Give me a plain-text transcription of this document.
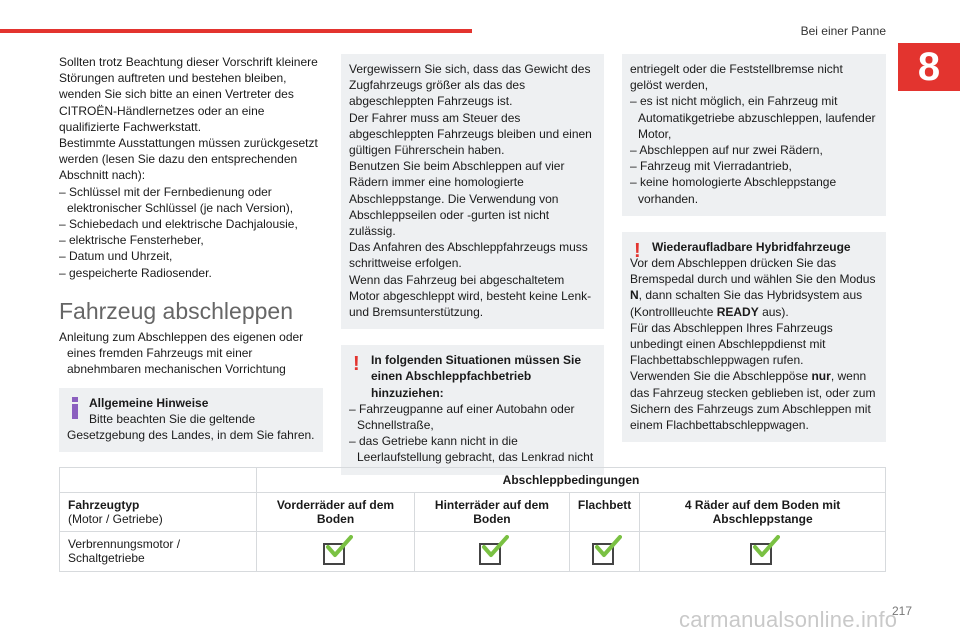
Bei einer Panne
8

Sollten trotz Beachtung dieser Vorschrift kleinere Störungen auftreten und bestehen bleiben, wenden Sie sich bitte an einen Vertreter des CITROËN-Händlernetzes oder an eine qualifizierte Fachwerkstatt.

Bestimmte Ausstattungen müssen zurückgesetzt werden (lesen Sie dazu den entsprechenden Abschnitt nach):

– Schlüssel mit der Fernbedienung oder elektronischer Schlüssel (je nach Version),

– Schiebedach und elektrische Dachjalousie,

– elektrische Fensterheber,

– Datum und Uhrzeit,

– gespeicherte Radiosender.

Fahrzeug abschleppen

Anleitung zum Abschleppen des eigenen oder eines fremden Fahrzeugs mit einer abnehmbaren mechanischen Vorrichtung

Allgemeine Hinweise
Bitte beachten Sie die geltende Gesetzgebung des Landes, in dem Sie fahren.

Vergewissern Sie sich, dass das Gewicht des Zugfahrzeugs größer als das des abgeschleppten Fahrzeugs ist.

Der Fahrer muss am Steuer des abgeschleppten Fahrzeugs bleiben und einen gültigen Führerschein haben.

Benutzen Sie beim Abschleppen auf vier Rädern immer eine homologierte Abschleppstange. Die Verwendung von Abschleppseilen oder -gurten ist nicht zulässig.

Das Anfahren des Abschleppfahrzeugs muss schrittweise erfolgen.

Wenn das Fahrzeug bei abgeschaltetem Motor abgeschleppt wird, besteht keine Lenk- und Bremsunterstützung.

! In folgenden Situationen müssen Sie einen Abschleppfachbetrieb hinzuziehen:

– Fahrzeugpanne auf einer Autobahn oder Schnellstraße,

– das Getriebe kann nicht in die Leerlaufstellung gebracht, das Lenkrad nicht

entriegelt oder die Feststellbremse nicht gelöst werden,

– es ist nicht möglich, ein Fahrzeug mit Automatikgetriebe abzuschleppen, laufender Motor,

– Abschleppen auf nur zwei Rädern,

– Fahrzeug mit Vierradantrieb,

– keine homologierte Abschleppstange vorhanden.

! Wiederaufladbare Hybridfahrzeuge

Vor dem Abschleppen drücken Sie das Bremspedal durch und wählen Sie den Modus N, dann schalten Sie das Hybridsystem aus (Kontrollleuchte READY aus).

Für das Abschleppen Ihres Fahrzeugs unbedingt einen Abschleppdienst mit Flachbettabschleppwagen rufen.

Verwenden Sie die Abschleppöse nur, wenn das Fahrzeug stecken geblieben ist, oder zum Sichern des Fahrzeugs zum Abschleppen mit einem Flachbettabschleppwagen.

	Abschleppbedingungen			

Fahrzeugtyp
(Motor / Getriebe)	Vorderräder auf dem Boden	Hinterräder auf dem Boden	Flachbett	4 Räder auf dem Boden mit Abschleppstange
Verbrennungsmotor / Schaltgetriebe	

carmanualsonline.info
217
